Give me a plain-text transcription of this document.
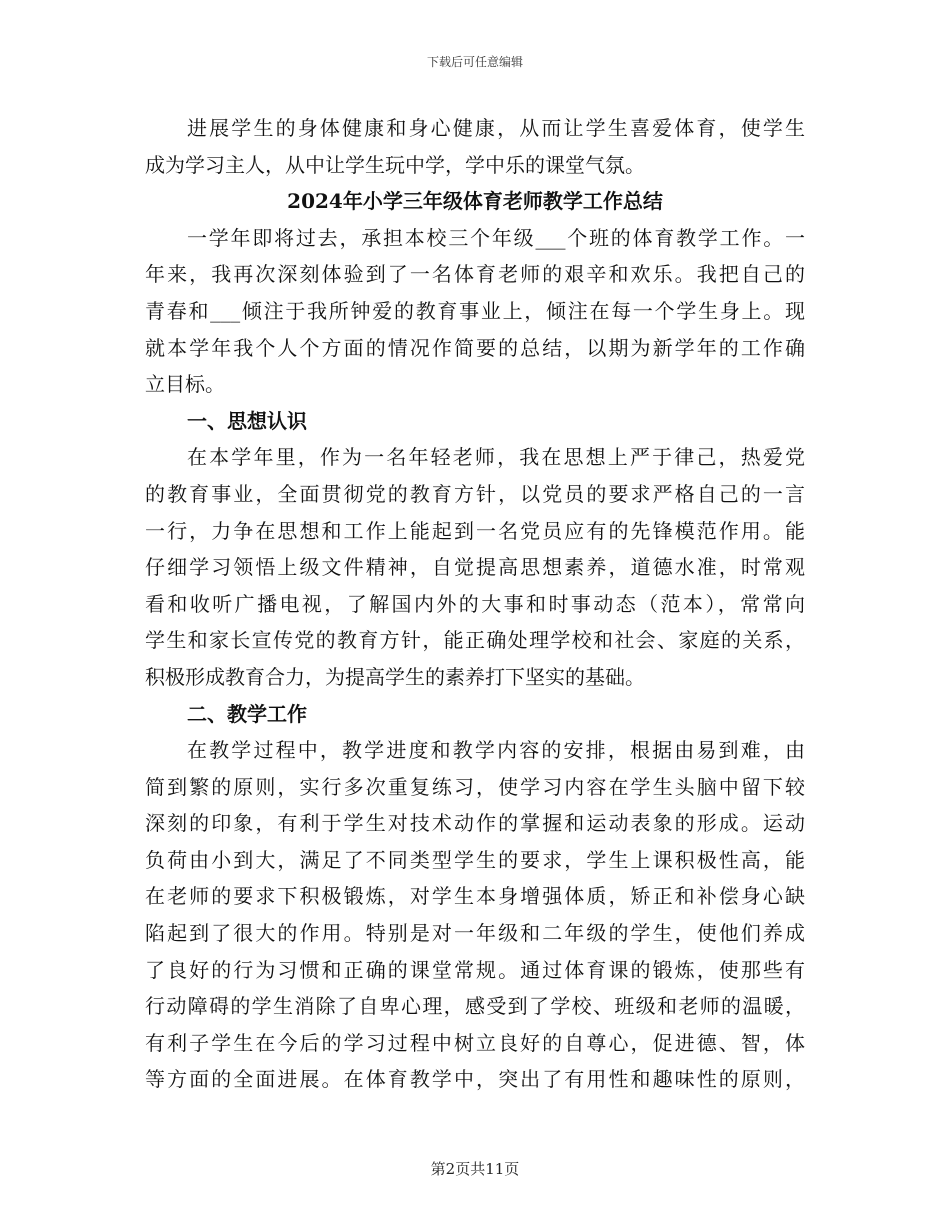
下载后可任意编辑
进展学生的身体健康和身心健康，从而让学生喜爱体育，使学生
成为学习主人，从中让学生玩中学，学中乐的课堂气氛。
2024年小学三年级体育老师教学工作总结
一学年即将过去，承担本校三个年级___个班的体育教学工作。一
年来，我再次深刻体验到了一名体育老师的艰辛和欢乐。我把自己的
青春和___倾注于我所钟爱的教育事业上，倾注在每一个学生身上。现
就本学年我个人个方面的情况作简要的总结，以期为新学年的工作确
立目标。
一、思想认识
在本学年里，作为一名年轻老师，我在思想上严于律己，热爱党
的教育事业，全面贯彻党的教育方针，以党员的要求严格自己的一言
一行，力争在思想和工作上能起到一名党员应有的先锋模范作用。能
仔细学习领悟上级文件精神，自觉提高思想素养，道德水准，时常观
看和收听广播电视，了解国内外的大事和时事动态（范本），常常向
学生和家长宣传党的教育方针，能正确处理学校和社会、家庭的关系，
积极形成教育合力，为提高学生的素养打下坚实的基础。
二、教学工作
在教学过程中，教学进度和教学内容的安排，根据由易到难，由
简到繁的原则，实行多次重复练习，使学习内容在学生头脑中留下较
深刻的印象，有利于学生对技术动作的掌握和运动表象的形成。运动
负荷由小到大，满足了不同类型学生的要求，学生上课积极性高，能
在老师的要求下积极锻炼，对学生本身增强体质，矫正和补偿身心缺
陷起到了很大的作用。特别是对一年级和二年级的学生，使他们养成
了良好的行为习惯和正确的课堂常规。通过体育课的锻炼，使那些有
行动障碍的学生消除了自卑心理，感受到了学校、班级和老师的温暖，
有利子学生在今后的学习过程中树立良好的自尊心，促进德、智，体
等方面的全面进展。在体育教学中，突出了有用性和趣味性的原则，
第2页共11页
